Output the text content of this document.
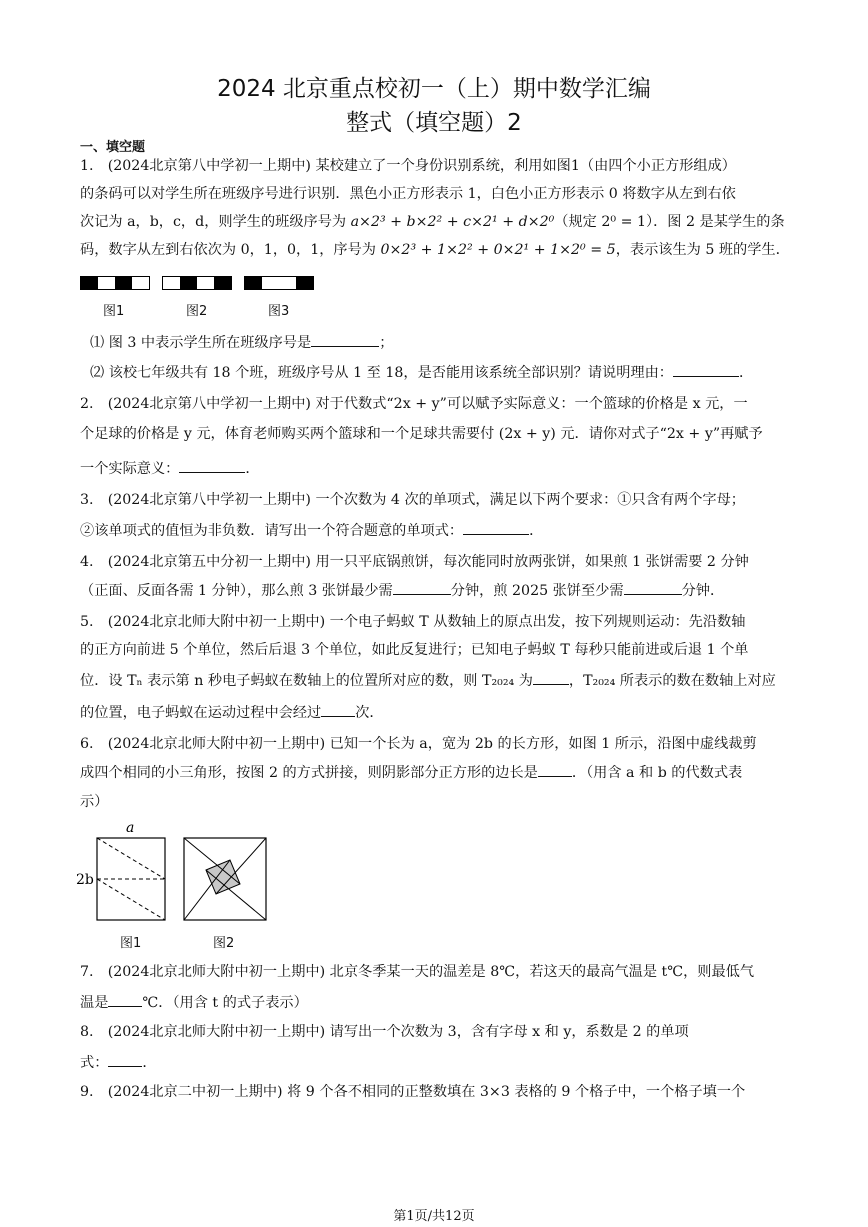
2024 北京重点校初一（上）期中数学汇编
整式（填空题）2
一、填空题
1.　(2024北京第八中学初一上期中) 某校建立了一个身份识别系统，利用如图1（由四个小正方形组成）
的条码可以对学生所在班级序号进行识别．黑色小正方形表示 1，白色小正方形表示 0 将数字从左到右依
次记为 a，b，c，d，则学生的班级序号为 a×2³ + b×2² + c×2¹ + d×2⁰（规定 2⁰ = 1）．图 2 是某学生的条
码，数字从左到右依次为 0，1，0，1，序号为 0×2³ + 1×2² + 0×2¹ + 1×2⁰ = 5，表示该生为 5 班的学生．
图1	图2	图3
⑴ 图 3 中表示学生所在班级序号是	；
⑵ 该校七年级共有 18 个班，班级序号从 1 至 18，是否能用该系统全部识别？请说明理由：	．
2.　(2024北京第八中学初一上期中) 对于代数式“2x + y”可以赋予实际意义：一个篮球的价格是 x 元，一
个足球的价格是 y 元，体育老师购买两个篮球和一个足球共需要付 (2x + y) 元．请你对式子“2x + y”再赋予
一个实际意义：	．
3.　(2024北京第八中学初一上期中) 一个次数为 4 次的单项式，满足以下两个要求：①只含有两个字母；
②该单项式的值恒为非负数．请写出一个符合题意的单项式：	．
4.　(2024北京第五中分初一上期中) 用一只平底锅煎饼，每次能同时放两张饼，如果煎 1 张饼需要 2 分钟
（正面、反面各需 1 分钟），那么煎 3 张饼最少需	分钟，煎 2025 张饼至少需	分钟．
5.　(2024北京北师大附中初一上期中) 一个电子蚂蚁 T 从数轴上的原点出发，按下列规则运动：先沿数轴
的正方向前进 5 个单位，然后后退 3 个单位，如此反复进行；已知电子蚂蚁 T 每秒只能前进或后退 1 个单
位．设 Tₙ 表示第 n 秒电子蚂蚁在数轴上的位置所对应的数，则 T₂₀₂₄ 为	，T₂₀₂₄ 所表示的数在数轴上对应
的位置，电子蚂蚁在运动过程中会经过 次．
6.　(2024北京北师大附中初一上期中) 已知一个长为 a，宽为 2b 的长方形，如图 1 所示，沿图中虚线裁剪
成四个相同的小三角形，按图 2 的方式拼接，则阴影部分正方形的边长是 ．（用含 a 和 b 的代数式表
示）
a
2b
图1	图2
7.　(2024北京北师大附中初一上期中) 北京冬季某一天的温差是 8℃，若这天的最高气温是 t℃，则最低气
温是 ℃．（用含 t 的式子表示）
8.　(2024北京北师大附中初一上期中) 请写出一个次数为 3，含有字母 x 和 y，系数是 2 的单项
式： ．
9.　(2024北京二中初一上期中) 将 9 个各不相同的正整数填在 3×3 表格的 9 个格子中，一个格子填一个
第1页/共12页
